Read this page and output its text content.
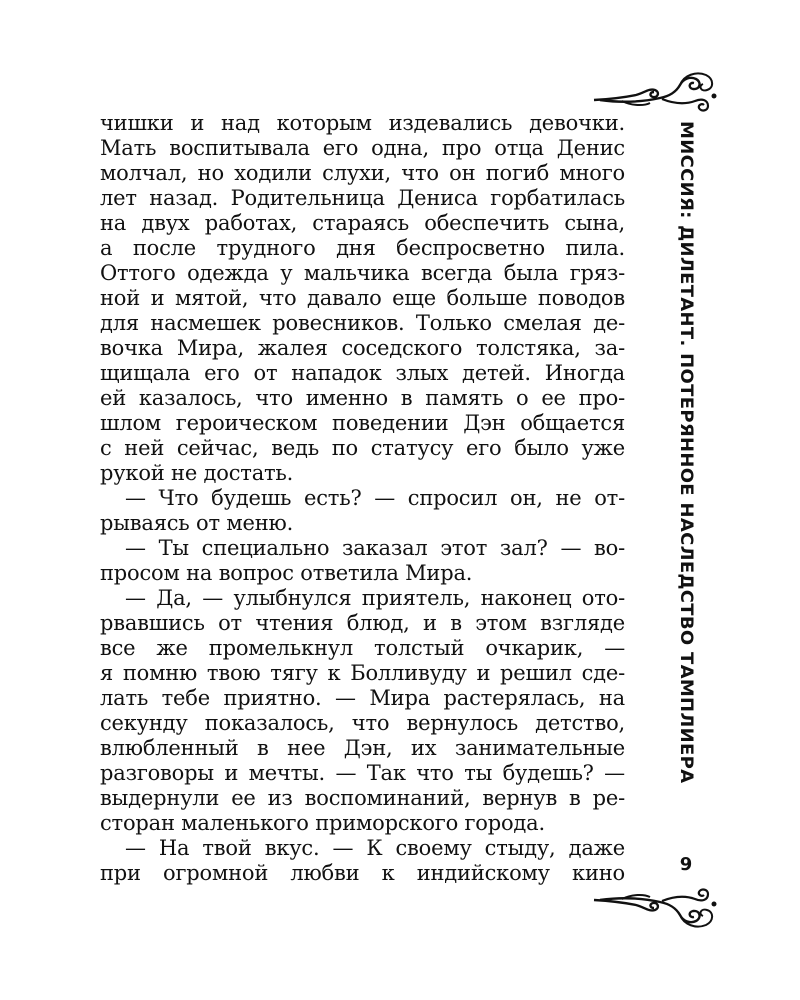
МИССИЯ: ДИЛЕТАНТ. ПОТЕРЯННОЕ НАСЛЕДСТВО ТАМПЛИЕРА
чишки и над которым издевались девочки.
Мать воспитывала его одна, про отца Денис
молчал, но ходили слухи, что он погиб много
лет назад. Родительница Дениса горбатилась
на двух работах, стараясь обеспечить сына,
а после трудного дня беспросветно пила.
Оттого одежда у мальчика всегда была гряз-
ной и мятой, что давало еще больше поводов
для насмешек ровесников. Только смелая де-
вочка Мира, жалея соседского толстяка, за-
щищала его от нападок злых детей. Иногда
ей казалось, что именно в память о ее про-
шлом героическом поведении Дэн общается
с ней сейчас, ведь по статусу его было уже
рукой не достать.
— Что будешь есть? — спросил он, не от-
рываясь от меню.
— Ты специально заказал этот зал? — во-
просом на вопрос ответила Мира.
— Да, — улыбнулся приятель, наконец ото-
рвавшись от чтения блюд, и в этом взгляде
все же промелькнул толстый очкарик, —
я помню твою тягу к Болливуду и решил сде-
лать тебе приятно. — Мира растерялась, на
секунду показалось, что вернулось детство,
влюбленный в нее Дэн, их занимательные
разговоры и мечты. — Так что ты будешь? —
выдернули ее из воспоминаний, вернув в ре-
сторан маленького приморского города.
— На твой вкус. — К своему стыду, даже
при огромной любви к индийскому кино	9
